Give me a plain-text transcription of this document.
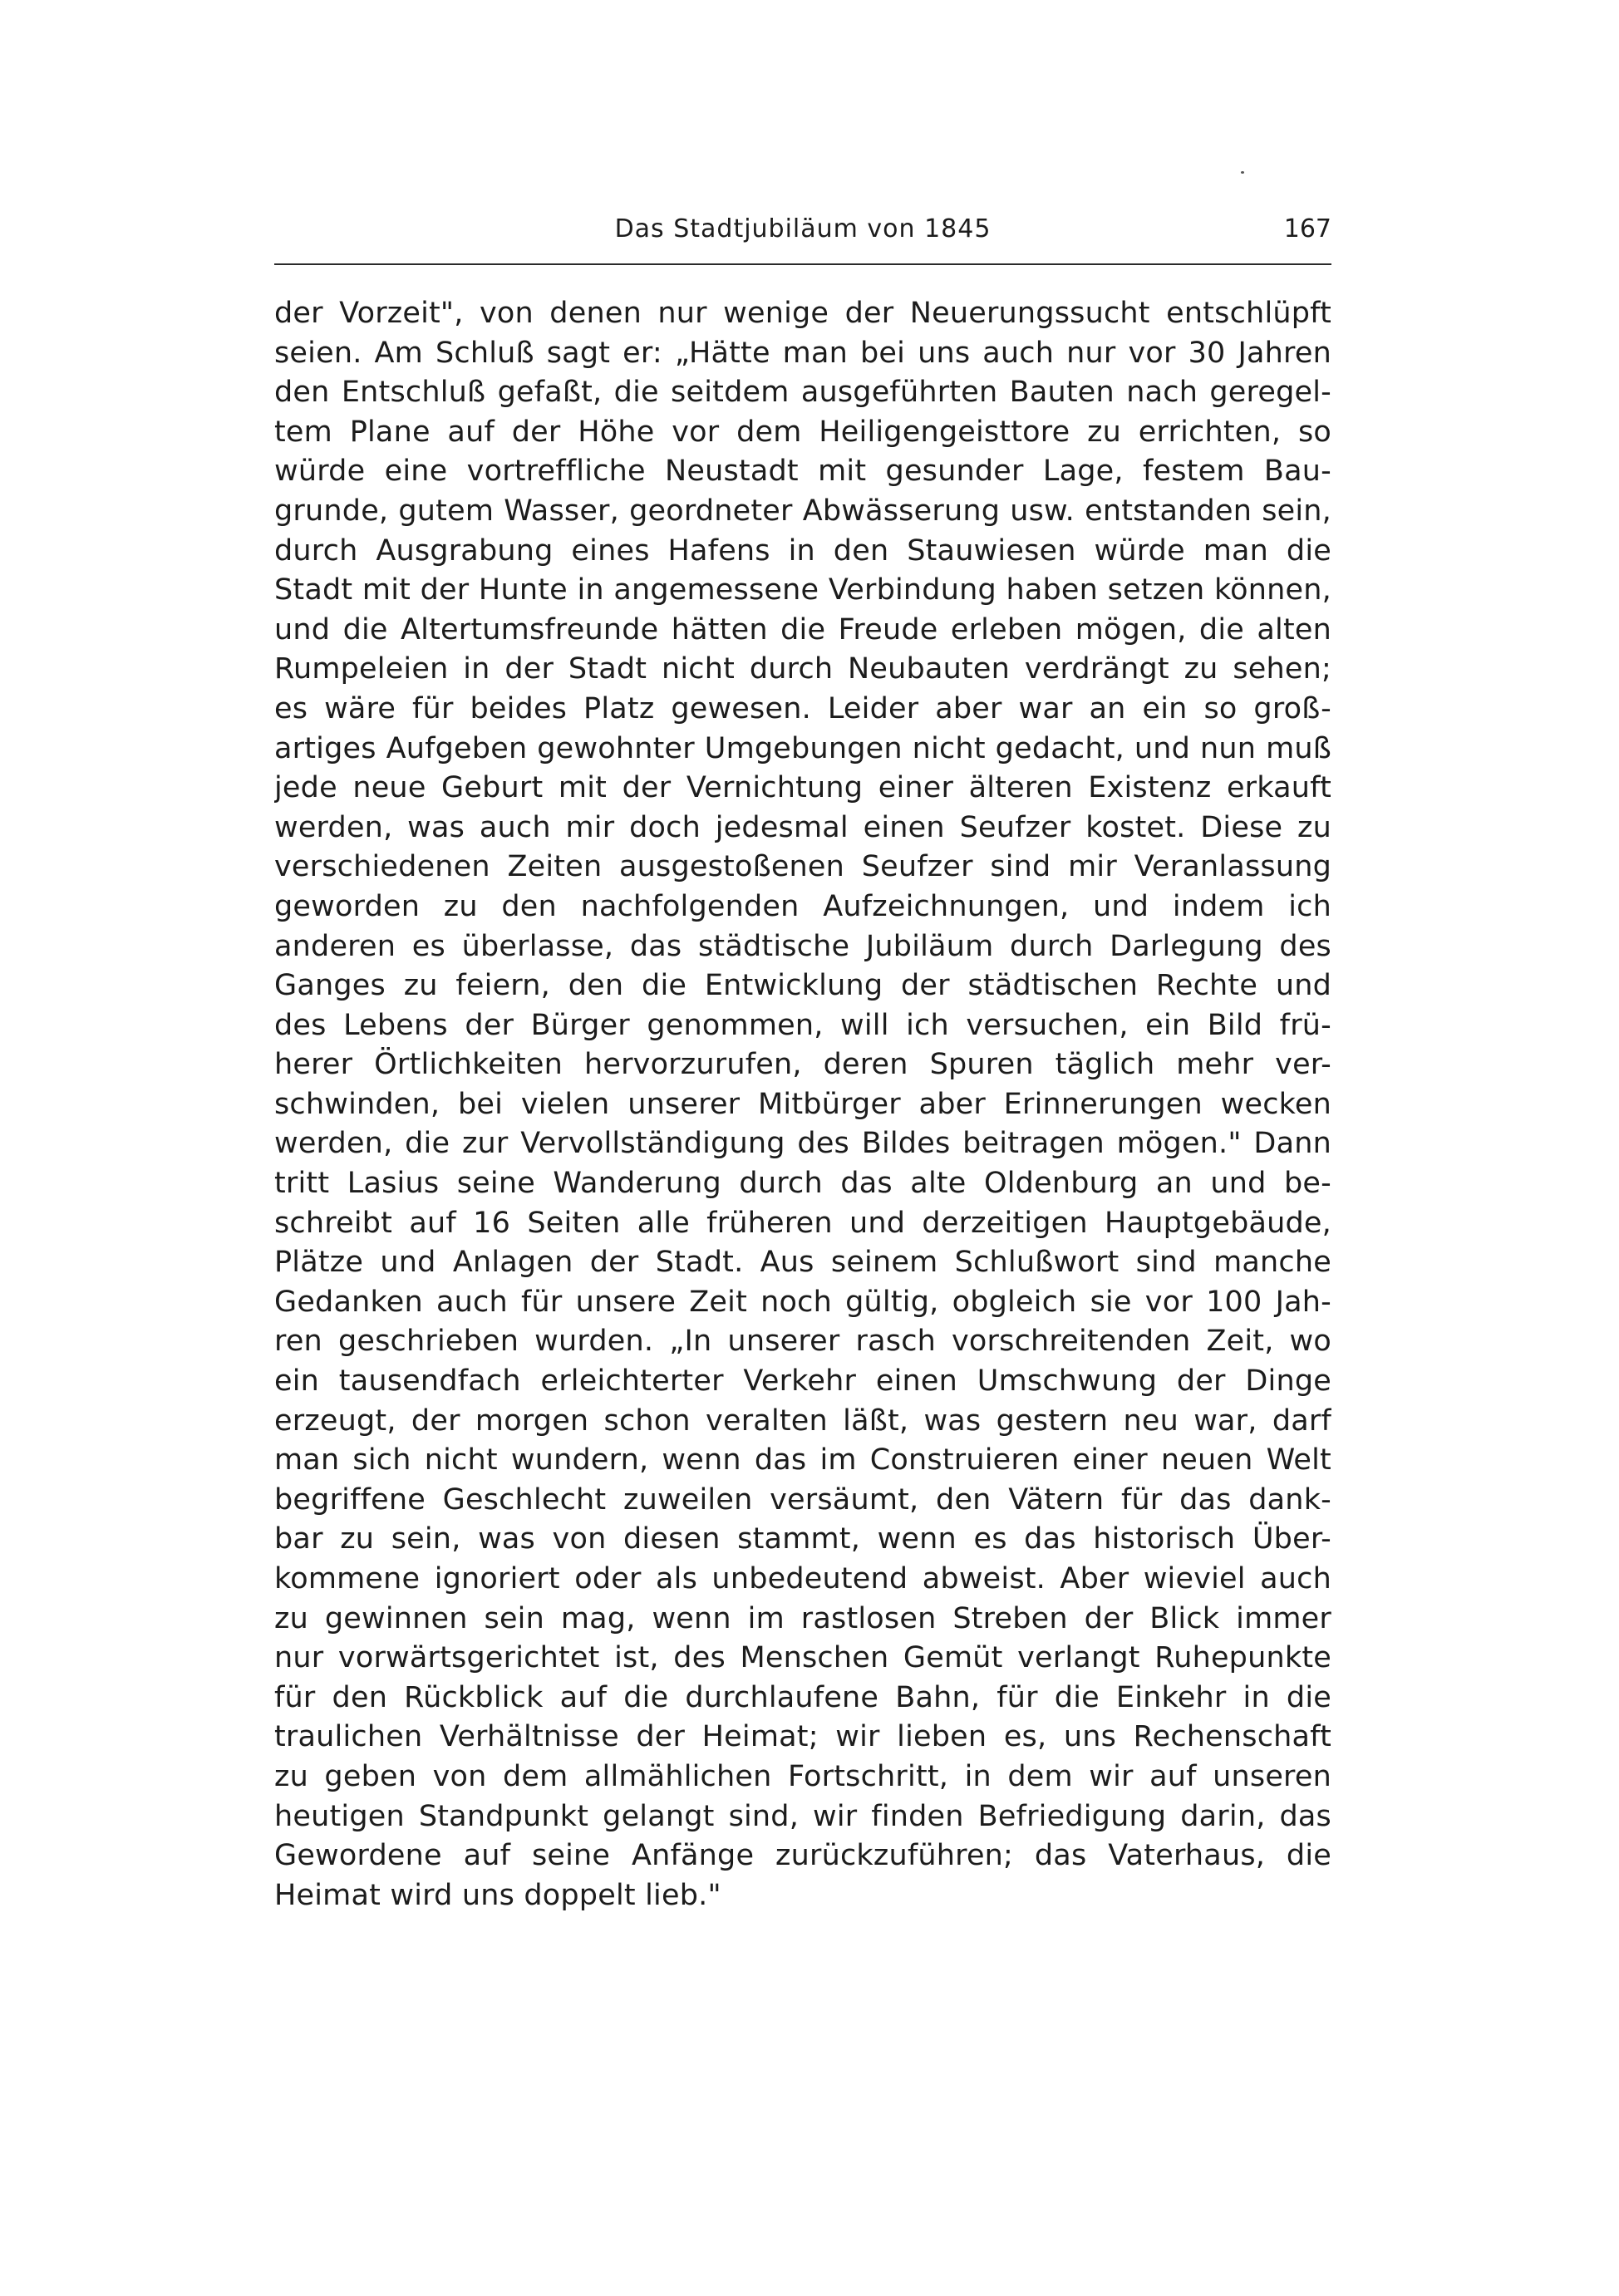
Das Stadtjubiläum von 1845	167
der Vorzeit", von denen nur wenige der Neuerungssucht entschlüpft
seien. Am Schluß sagt er: „Hätte man bei uns auch nur vor 30 Jahren
den Entschluß gefaßt, die seitdem ausgeführten Bauten nach geregel-
tem Plane auf der Höhe vor dem Heiligengeisttore zu errichten, so
würde eine vortreffliche Neustadt mit gesunder Lage, festem Bau-
grunde, gutem Wasser, geordneter Abwässerung usw. entstanden sein,
durch Ausgrabung eines Hafens in den Stauwiesen würde man die
Stadt mit der Hunte in angemessene Verbindung haben setzen können,
und die Altertumsfreunde hätten die Freude erleben mögen, die alten
Rumpeleien in der Stadt nicht durch Neubauten verdrängt zu sehen;
es wäre für beides Platz gewesen. Leider aber war an ein so groß-
artiges Aufgeben gewohnter Umgebungen nicht gedacht, und nun muß
jede neue Geburt mit der Vernichtung einer älteren Existenz erkauft
werden, was auch mir doch jedesmal einen Seufzer kostet. Diese zu
verschiedenen Zeiten ausgestoßenen Seufzer sind mir Veranlassung
geworden zu den nachfolgenden Aufzeichnungen, und indem ich
anderen es überlasse, das städtische Jubiläum durch Darlegung des
Ganges zu feiern, den die Entwicklung der städtischen Rechte und
des Lebens der Bürger genommen, will ich versuchen, ein Bild frü-
herer Örtlichkeiten hervorzurufen, deren Spuren täglich mehr ver-
schwinden, bei vielen unserer Mitbürger aber Erinnerungen wecken
werden, die zur Vervollständigung des Bildes beitragen mögen." Dann
tritt Lasius seine Wanderung durch das alte Oldenburg an und be-
schreibt auf 16 Seiten alle früheren und derzeitigen Hauptgebäude,
Plätze und Anlagen der Stadt. Aus seinem Schlußwort sind manche
Gedanken auch für unsere Zeit noch gültig, obgleich sie vor 100 Jah-
ren geschrieben wurden. „In unserer rasch vorschreitenden Zeit, wo
ein tausendfach erleichterter Verkehr einen Umschwung der Dinge
erzeugt, der morgen schon veralten läßt, was gestern neu war, darf
man sich nicht wundern, wenn das im Construieren einer neuen Welt
begriffene Geschlecht zuweilen versäumt, den Vätern für das dank-
bar zu sein, was von diesen stammt, wenn es das historisch Über-
kommene ignoriert oder als unbedeutend abweist. Aber wieviel auch
zu gewinnen sein mag, wenn im rastlosen Streben der Blick immer
nur vorwärtsgerichtet ist, des Menschen Gemüt verlangt Ruhepunkte
für den Rückblick auf die durchlaufene Bahn, für die Einkehr in die
traulichen Verhältnisse der Heimat; wir lieben es, uns Rechenschaft
zu geben von dem allmählichen Fortschritt, in dem wir auf unseren
heutigen Standpunkt gelangt sind, wir finden Befriedigung darin, das
Gewordene auf seine Anfänge zurückzuführen; das Vaterhaus, die
Heimat wird uns doppelt lieb."
